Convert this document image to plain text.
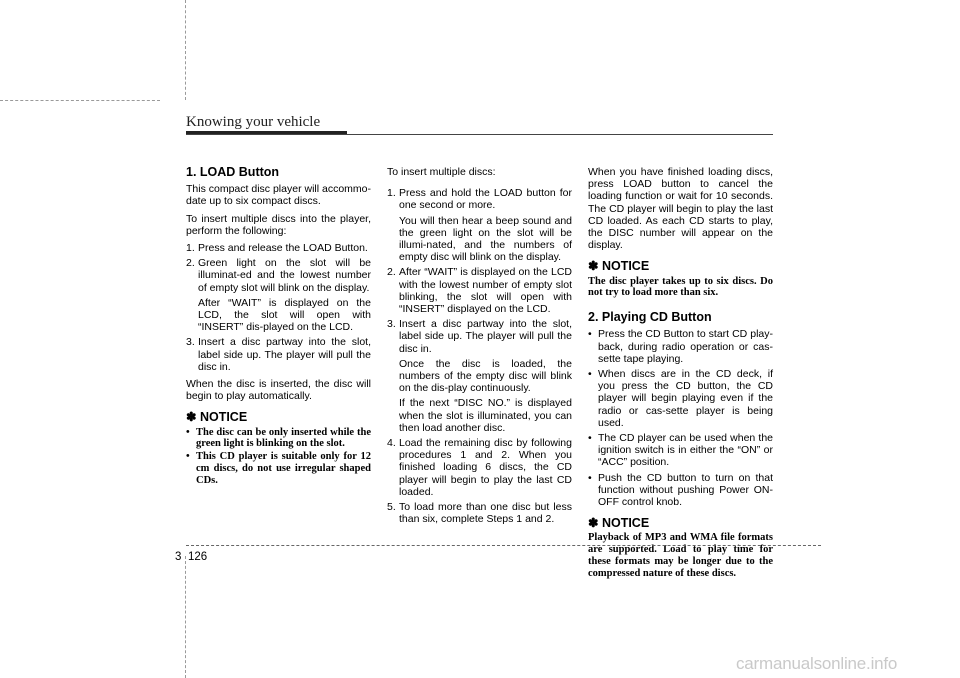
Knowing your vehicle
1. LOAD Button

This compact disc player will accommo-date up to six compact discs.

To insert multiple discs into the player, perform the following:

1. Press and release the LOAD Button.
2. Green light on the slot will be illuminat-ed and the lowest number of empty slot will blink on the display.
After “WAIT” is displayed on the LCD, the slot will open with “INSERT” dis-played on the LCD.
3. Insert a disc partway into the slot, label side up. The player will pull the disc in.

When the disc is inserted, the disc will begin to play automatically.

✽ NOTICE
• The disc can be only inserted while the green light is blinking on the slot.
• This CD player is suitable only for 12 cm discs, do not use irregular shaped CDs.

To insert multiple discs:

1. Press and hold the LOAD button for one second or more.
You will then hear a beep sound and the green light on the slot will be illumi-nated, and the numbers of empty disc will blink on the display.
2. After “WAIT” is displayed on the LCD with the lowest number of empty slot blinking, the slot will open with “INSERT” displayed on the LCD.
3. Insert a disc partway into the slot, label side up. The player will pull the disc in.
Once the disc is loaded, the numbers of the empty disc will blink on the dis-play continuously.
If the next “DISC NO.” is displayed when the slot is illuminated, you can then load another disc.
4. Load the remaining disc by following procedures 1 and 2. When you finished loading 6 discs, the CD player will begin to play the last CD loaded.
5. To load more than one disc but less than six, complete Steps 1 and 2.

When you have finished loading discs, press LOAD button to cancel the loading function or wait for 10 seconds. The CD player will begin to play the last CD loaded. As each CD starts to play, the DISC number will appear on the display.

✽ NOTICE

The disc player takes up to six discs. Do not try to load more than six.

2. Playing CD Button
• Press the CD Button to start CD play-back, during radio operation or cas-sette tape playing.
• When discs are in the CD deck, if you press the CD button, the CD player will begin playing even if the radio or cas-sette player is being used.
• The CD player can be used when the ignition switch is in either the “ON” or “ACC” position.
• Push the CD button to turn on that function without pushing Power ON-OFF control knob.
✽ NOTICE

Playback of MP3 and WMA file formats are supported. Load to play time for these formats may be longer due to the compressed nature of these discs.

3 126
carmanualsonline.info
